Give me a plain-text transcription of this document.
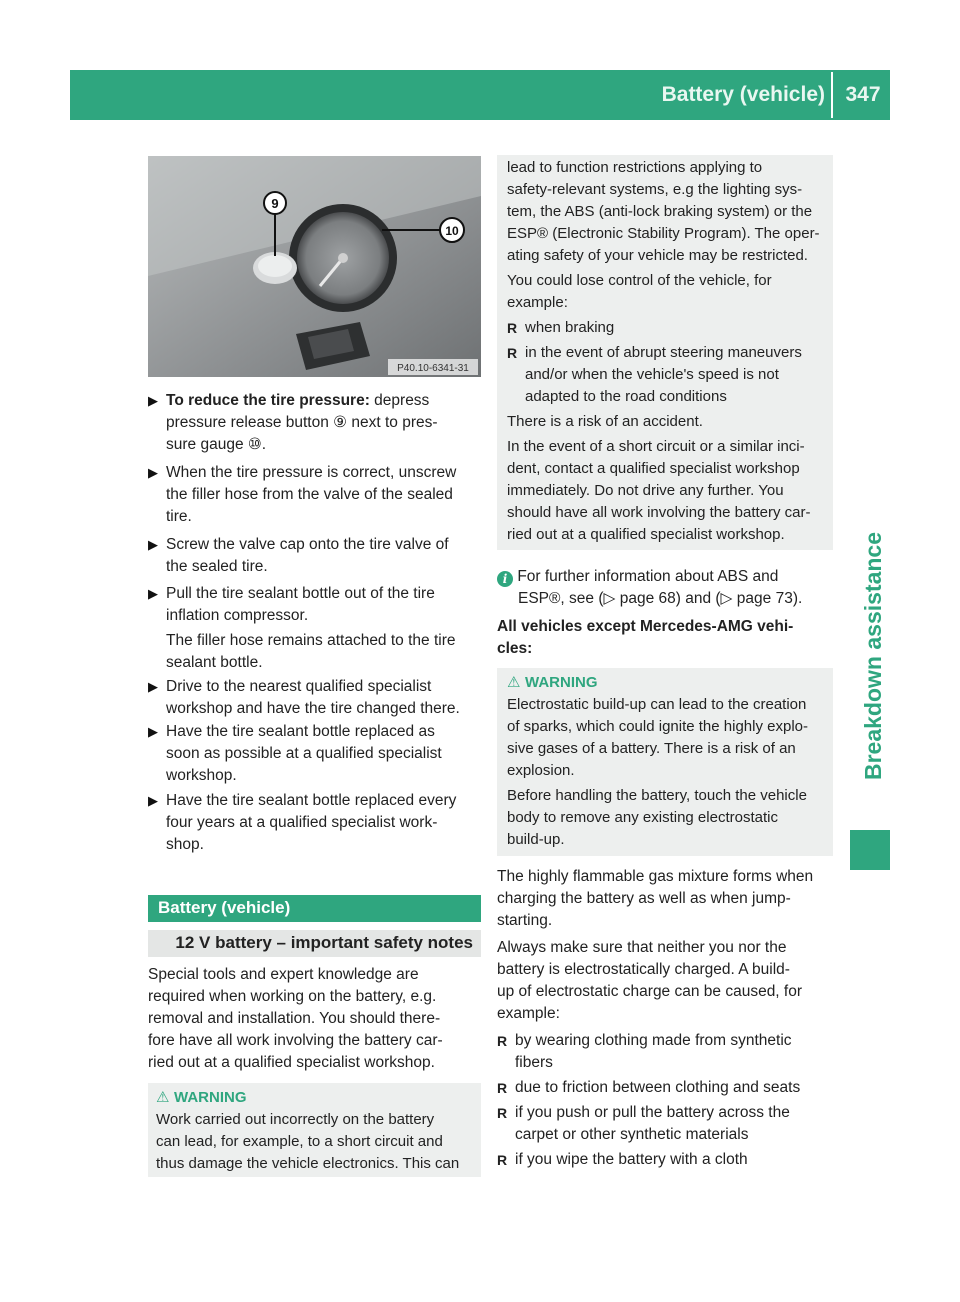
Battery (vehicle) 347
Breakdown assistance
9
10
P40.10-6341-31
▶ To reduce the tire pressure: depress
pressure release button ⑨ next to pres-
sure gauge ⑩.
▶ When the tire pressure is correct, unscrew
the filler hose from the valve of the sealed
tire.
▶ Screw the valve cap onto the tire valve of
the sealed tire.
▶ Pull the tire sealant bottle out of the tire
inflation compressor.
The filler hose remains attached to the tire
sealant bottle.
▶ Drive to the nearest qualified specialist
workshop and have the tire changed there.
▶ Have the tire sealant bottle replaced as
soon as possible at a qualified specialist
workshop.
▶ Have the tire sealant bottle replaced every
four years at a qualified specialist work-
shop.
Battery (vehicle)
12 V battery – important safety notes
Special tools and expert knowledge are
required when working on the battery, e.g.
removal and installation. You should there-
fore have all work involving the battery car-
ried out at a qualified specialist workshop.
⚠ WARNING
Work carried out incorrectly on the battery
can lead, for example, to a short circuit and
thus damage the vehicle electronics. This can
lead to function restrictions applying to
safety-relevant systems, e.g the lighting sys-
tem, the ABS (anti-lock braking system) or the
ESP® (Electronic Stability Program). The oper-
ating safety of your vehicle may be restricted.
You could lose control of the vehicle, for
example:
R when braking
R in the event of abrupt steering maneuvers
and/or when the vehicle's speed is not
adapted to the road conditions
There is a risk of an accident.
In the event of a short circuit or a similar inci-
dent, contact a qualified specialist workshop
immediately. Do not drive any further. You
should have all work involving the battery car-
ried out at a qualified specialist workshop.
i For further information about ABS and
ESP®, see (▷ page 68) and (▷ page 73).
All vehicles except Mercedes-AMG vehi-
cles:
⚠ WARNING
Electrostatic build-up can lead to the creation
of sparks, which could ignite the highly explo-
sive gases of a battery. There is a risk of an
explosion.
Before handling the battery, touch the vehicle
body to remove any existing electrostatic
build-up.
The highly flammable gas mixture forms when
charging the battery as well as when jump-
starting.
Always make sure that neither you nor the
battery is electrostatically charged. A build-
up of electrostatic charge can be caused, for
example:
R by wearing clothing made from synthetic
fibers
R due to friction between clothing and seats
R if you push or pull the battery across the
carpet or other synthetic materials
R if you wipe the battery with a cloth
